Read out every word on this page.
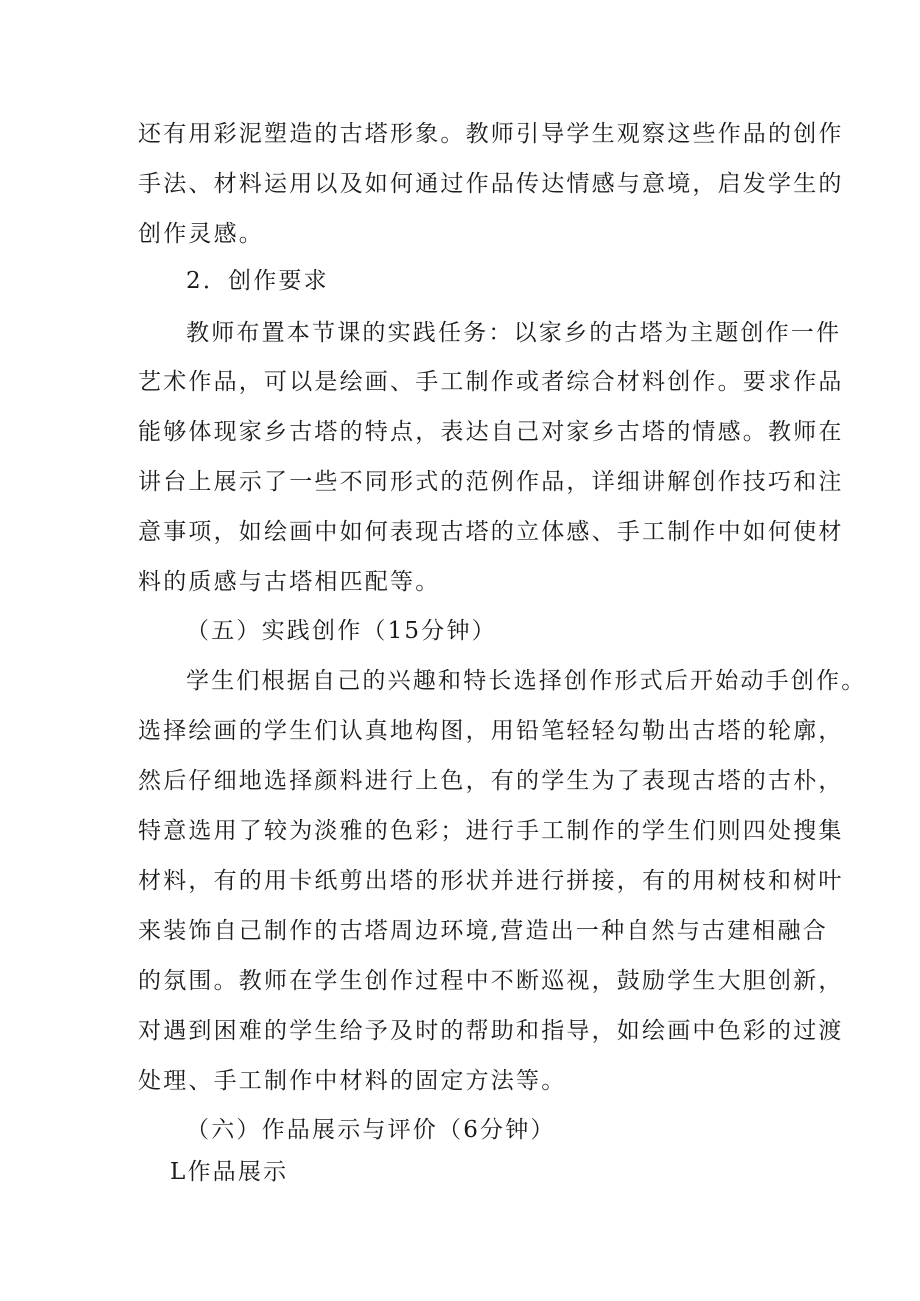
还有用彩泥塑造的古塔形象。教师引导学生观察这些作品的创作
手法、材料运用以及如何通过作品传达情感与意境，启发学生的
创作灵感。
2．创作要求
教师布置本节课的实践任务：以家乡的古塔为主题创作一件
艺术作品，可以是绘画、手工制作或者综合材料创作。要求作品
能够体现家乡古塔的特点，表达自己对家乡古塔的情感。教师在
讲台上展示了一些不同形式的范例作品，详细讲解创作技巧和注
意事项，如绘画中如何表现古塔的立体感、手工制作中如何使材
料的质感与古塔相匹配等。
（五）实践创作（15分钟）
学生们根据自己的兴趣和特长选择创作形式后开始动手创作。
选择绘画的学生们认真地构图，用铅笔轻轻勾勒出古塔的轮廓，
然后仔细地选择颜料进行上色，有的学生为了表现古塔的古朴，
特意选用了较为淡雅的色彩；进行手工制作的学生们则四处搜集
材料，有的用卡纸剪出塔的形状并进行拼接，有的用树枝和树叶
来装饰自己制作的古塔周边环境,营造出一种自然与古建相融合
的氛围。教师在学生创作过程中不断巡视，鼓励学生大胆创新，
对遇到困难的学生给予及时的帮助和指导，如绘画中色彩的过渡
处理、手工制作中材料的固定方法等。
（六）作品展示与评价（6分钟）
L作品展示
